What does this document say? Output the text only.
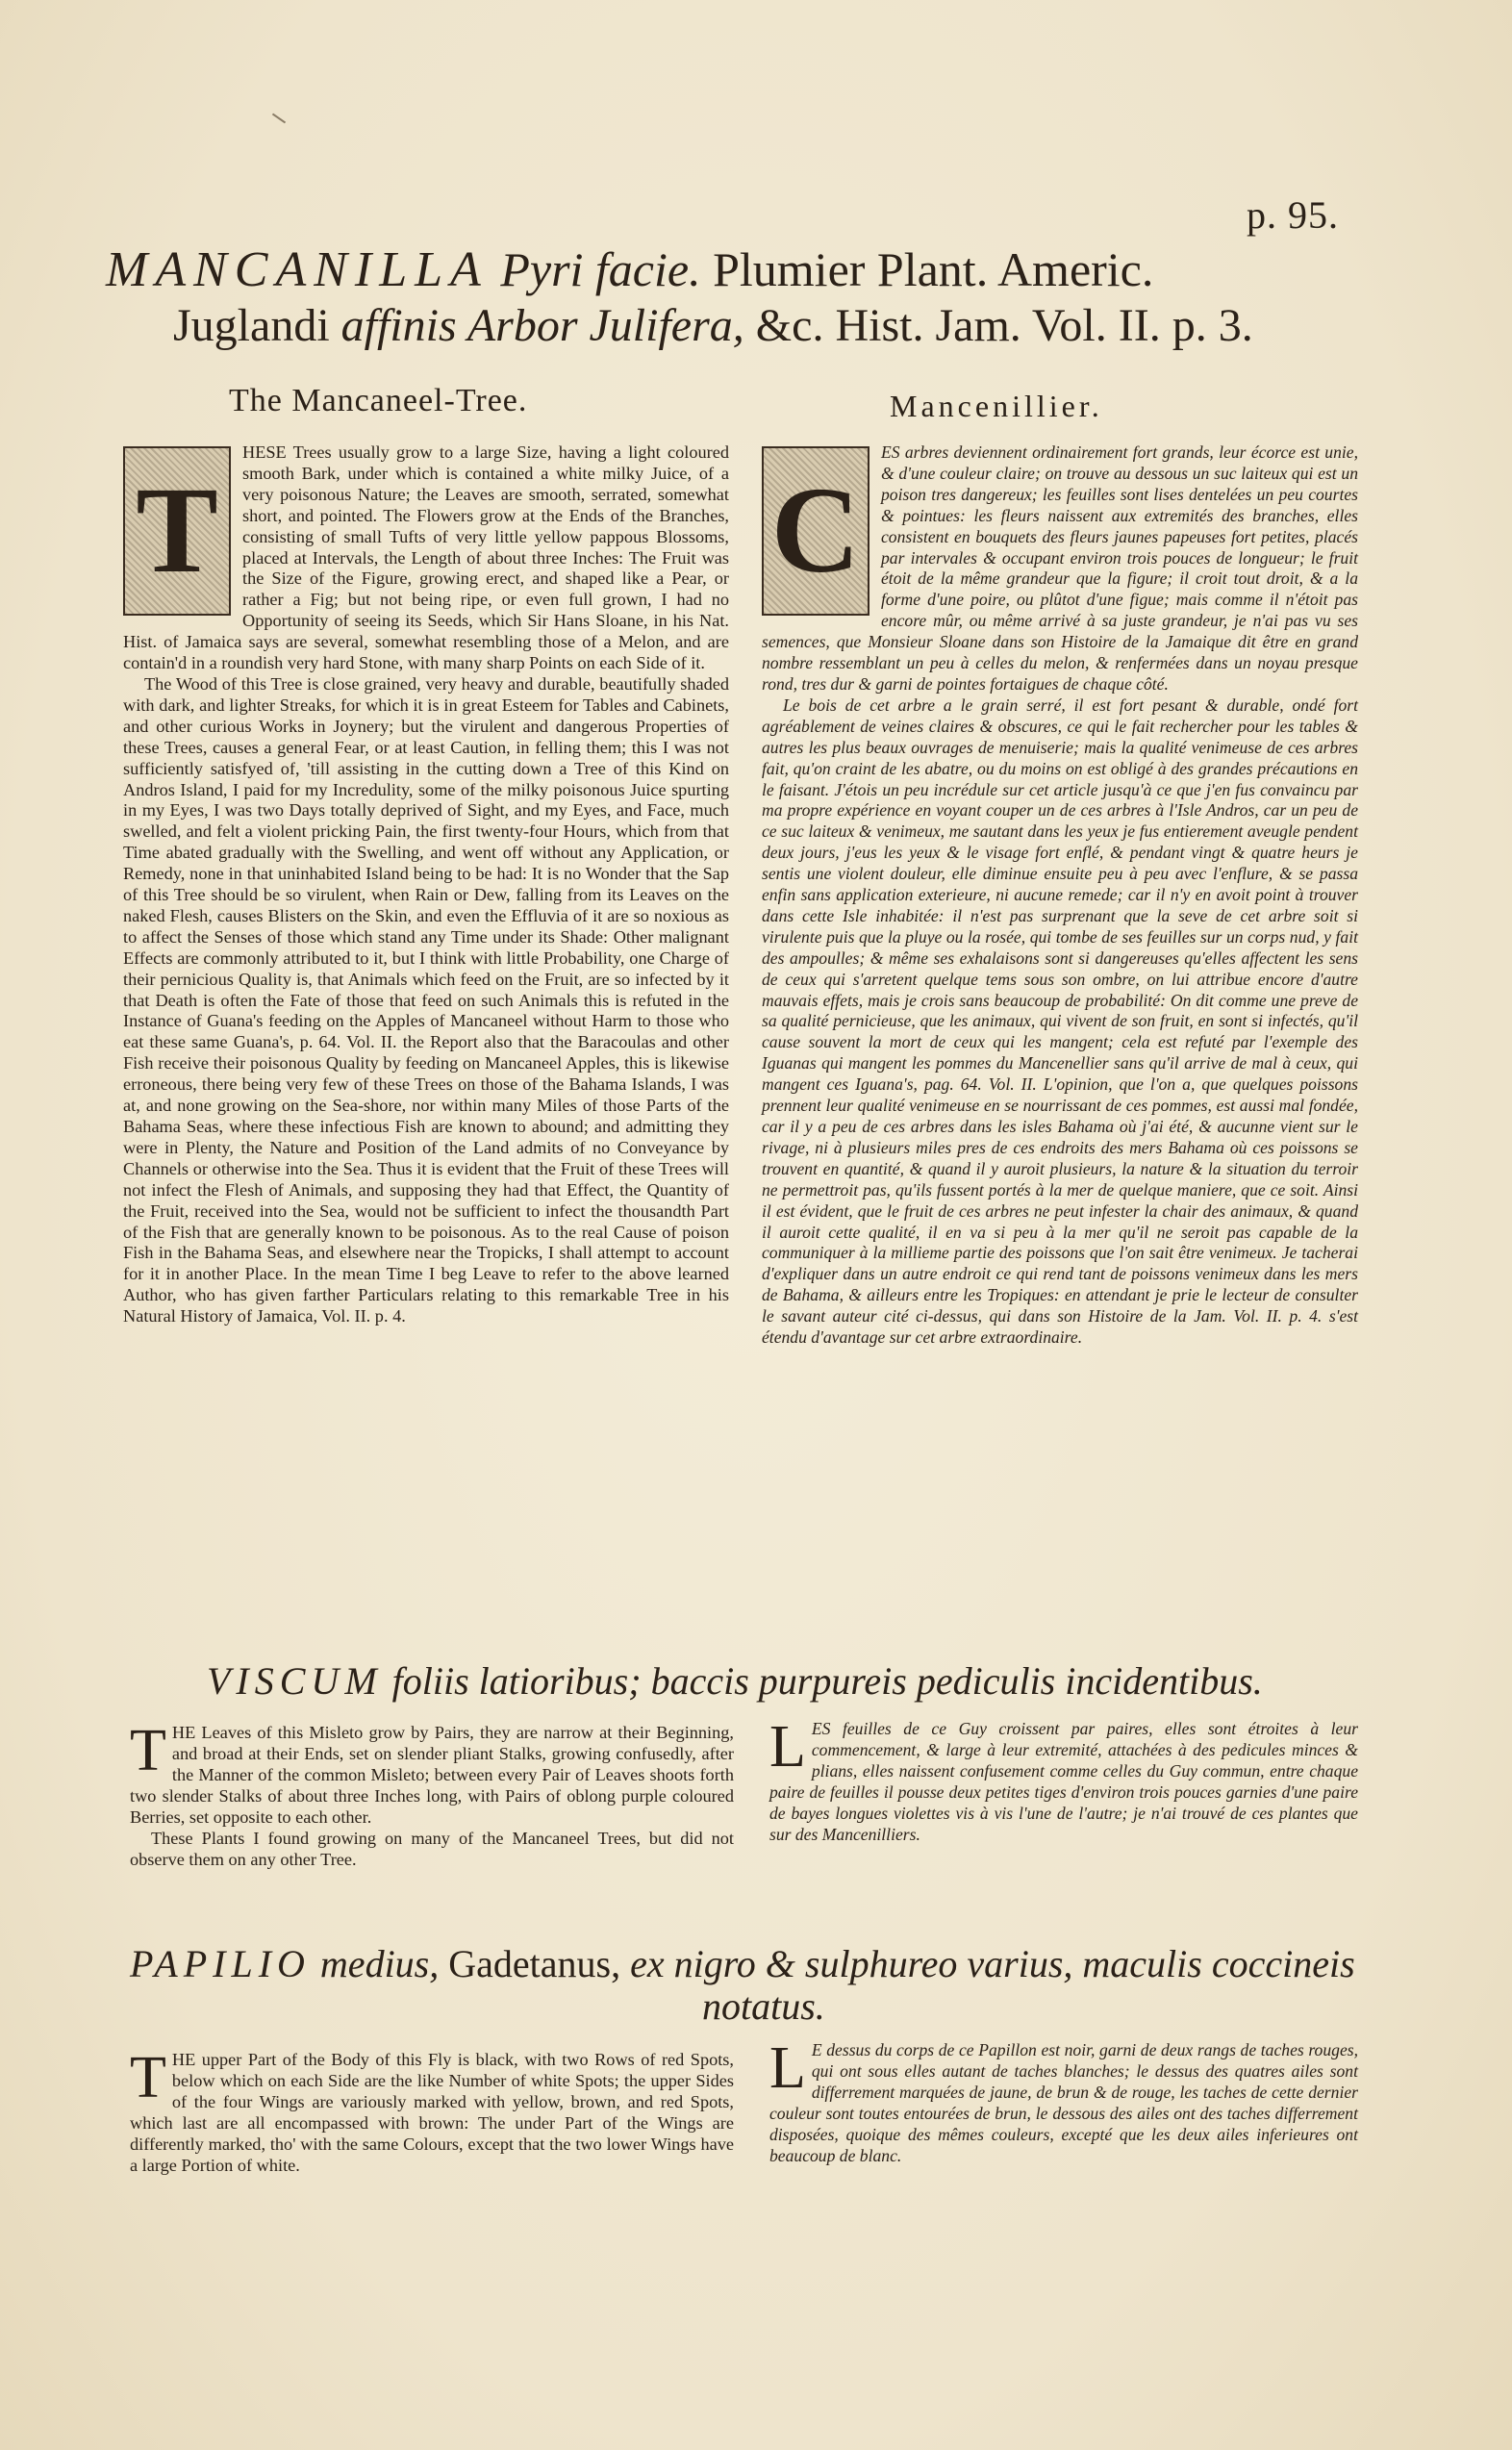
p. 95.
MANCANILLA Pyri facie. Plumier Plant. Americ.
Juglandi affinis Arbor Julifera, &c. Hist. Jam. Vol. II. p. 3.
The Mancaneel-Tree.	Mancenillier.
T

HESE Trees usually grow to a large Size, having a light coloured smooth Bark, under which is contained a white milky Juice, of a very poisonous Nature; the Leaves are smooth, serrated, somewhat short, and pointed. The Flowers grow at the Ends of the Branches, consisting of small Tufts of very little yellow pappous Blossoms, placed at Intervals, the Length of about three Inches: The Fruit was the Size of the Figure, growing erect, and shaped like a Pear, or rather a Fig; but not being ripe, or even full grown, I had no Opportunity of seeing its Seeds, which Sir Hans Sloane, in his Nat. Hist. of Jamaica says are several, somewhat resembling those of a Melon, and are contain'd in a roundish very hard Stone, with many sharp Points on each Side of it.

The Wood of this Tree is close grained, very heavy and durable, beautifully shaded with dark, and lighter Streaks, for which it is in great Esteem for Tables and Cabinets, and other curious Works in Joynery; but the virulent and dangerous Properties of these Trees, causes a general Fear, or at least Caution, in felling them; this I was not sufficiently satisfyed of, 'till assisting in the cutting down a Tree of this Kind on Andros Island, I paid for my Incredulity, some of the milky poisonous Juice spurting in my Eyes, I was two Days totally deprived of Sight, and my Eyes, and Face, much swelled, and felt a violent pricking Pain, the first twenty-four Hours, which from that Time abated gradually with the Swelling, and went off without any Application, or Remedy, none in that uninhabited Island being to be had: It is no Wonder that the Sap of this Tree should be so virulent, when Rain or Dew, falling from its Leaves on the naked Flesh, causes Blisters on the Skin, and even the Effluvia of it are so noxious as to affect the Senses of those which stand any Time under its Shade: Other malignant Effects are commonly attributed to it, but I think with little Probability, one Charge of their pernicious Quality is, that Animals which feed on the Fruit, are so infected by it that Death is often the Fate of those that feed on such Animals this is refuted in the Instance of Guana's feeding on the Apples of Mancaneel without Harm to those who eat these same Guana's, p. 64. Vol. II. the Report also that the Baracoulas and other Fish receive their poisonous Quality by feeding on Mancaneel Apples, this is likewise erroneous, there being very few of these Trees on those of the Bahama Islands, I was at, and none growing on the Sea-shore, nor within many Miles of those Parts of the Bahama Seas, where these infectious Fish are known to abound; and admitting they were in Plenty, the Nature and Position of the Land admits of no Conveyance by Channels or otherwise into the Sea. Thus it is evident that the Fruit of these Trees will not infect the Flesh of Animals, and supposing they had that Effect, the Quantity of the Fruit, received into the Sea, would not be sufficient to infect the thousandth Part of the Fish that are generally known to be poisonous. As to the real Cause of poison Fish in the Bahama Seas, and elsewhere near the Tropicks, I shall attempt to account for it in another Place. In the mean Time I beg Leave to refer to the above learned Author, who has given farther Particulars relating to this remarkable Tree in his Natural History of Jamaica, Vol. II. p. 4.

C

ES arbres deviennent ordinairement fort grands, leur écorce est unie, & d'une couleur claire; on trouve au dessous un suc laiteux qui est un poison tres dangereux; les feuilles sont lises dentelées un peu courtes & pointues: les fleurs naissent aux extremités des branches, elles consistent en bouquets des fleurs jaunes papeuses fort petites, placés par intervales & occupant environ trois pouces de longueur; le fruit étoit de la même grandeur que la figure; il croit tout droit, & a la forme d'une poire, ou plûtot d'une figue; mais comme il n'étoit pas encore mûr, ou même arrivé à sa juste grandeur, je n'ai pas vu ses semences, que Monsieur Sloane dans son Histoire de la Jamaique dit être en grand nombre ressemblant un peu à celles du melon, & renfermées dans un noyau presque rond, tres dur & garni de pointes fortaigues de chaque côté.

Le bois de cet arbre a le grain serré, il est fort pesant & durable, ondé fort agréablement de veines claires & obscures, ce qui le fait rechercher pour les tables & autres les plus beaux ouvrages de menuiserie; mais la qualité venimeuse de ces arbres fait, qu'on craint de les abatre, ou du moins on est obligé à des grandes précautions en le faisant. J'étois un peu incrédule sur cet article jusqu'à ce que j'en fus convaincu par ma propre expérience en voyant couper un de ces arbres à l'Isle Andros, car un peu de ce suc laiteux & venimeux, me sautant dans les yeux je fus entierement aveugle pendent deux jours, j'eus les yeux & le visage fort enflé, & pendant vingt & quatre heurs je sentis une violent douleur, elle diminue ensuite peu à peu avec l'enflure, & se passa enfin sans application exterieure, ni aucune remede; car il n'y en avoit point à trouver dans cette Isle inhabitée: il n'est pas surprenant que la seve de cet arbre soit si virulente puis que la pluye ou la rosée, qui tombe de ses feuilles sur un corps nud, y fait des ampoulles; & même ses exhalaisons sont si dangereuses qu'elles affectent les sens de ceux qui s'arretent quelque tems sous son ombre, on lui attribue encore d'autre mauvais effets, mais je crois sans beaucoup de probabilité: On dit comme une preve de sa qualité pernicieuse, que les animaux, qui vivent de son fruit, en sont si infectés, qu'il cause souvent la mort de ceux qui les mangent; cela est refuté par l'exemple des Iguanas qui mangent les pommes du Mancenellier sans qu'il arrive de mal à ceux, qui mangent ces Iguana's, pag. 64. Vol. II. L'opinion, que l'on a, que quelques poissons prennent leur qualité venimeuse en se nourrissant de ces pommes, est aussi mal fondée, car il y a peu de ces arbres dans les isles Bahama où j'ai été, & aucunne vient sur le rivage, ni à plusieurs miles pres de ces endroits des mers Bahama où ces poissons se trouvent en quantité, & quand il y auroit plusieurs, la nature & la situation du terroir ne permettroit pas, qu'ils fussent portés à la mer de quelque maniere, que ce soit. Ainsi il est évident, que le fruit de ces arbres ne peut infester la chair des animaux, & quand il auroit cette qualité, il en va si peu à la mer qu'il ne seroit pas capable de la communiquer à la millieme partie des poissons que l'on sait être venimeux. Je tacherai d'expliquer dans un autre endroit ce qui rend tant de poissons venimeux dans les mers de Bahama, & ailleurs entre les Tropiques: en attendant je prie le lecteur de consulter le savant auteur cité ci-dessus, qui dans son Histoire de la Jam. Vol. II. p. 4. s'est étendu d'avantage sur cet arbre extraordinaire.

VISCUM foliis latioribus; baccis purpureis pediculis incidentibus.
T HE Leaves of this Misleto grow by Pairs, they are narrow at their Beginning, and broad at their Ends, set on slender pliant Stalks, growing confusedly, after the Manner of the common Misleto; between every Pair of Leaves shoots forth two slender Stalks of about three Inches long, with Pairs of oblong purple coloured Berries, set opposite to each other.

These Plants I found growing on many of the Mancaneel Trees, but did not observe them on any other Tree.

L ES feuilles de ce Guy croissent par paires, elles sont étroites à leur commencement, & large à leur extremité, attachées à des pedicules minces & plians, elles naissent confusement comme celles du Guy commun, entre chaque paire de feuilles il pousse deux petites tiges d'environ trois pouces garnies d'une paire de bayes longues violettes vis à vis l'une de l'autre; je n'ai trouvé de ces plantes que sur des Mancenilliers.

PAPILIO medius, Gadetanus, ex nigro & sulphureo varius, maculis coccineis
notatus.
T HE upper Part of the Body of this Fly is black, with two Rows of red Spots, below which on each Side are the like Number of white Spots; the upper Sides of the four Wings are variously marked with yellow, brown, and red Spots, which last are all encompassed with brown: The under Part of the Wings are differently marked, tho' with the same Colours, except that the two lower Wings have a large Portion of white.

L E dessus du corps de ce Papillon est noir, garni de deux rangs de taches rouges, qui ont sous elles autant de taches blanches; le dessus des quatres ailes sont differrement marquées de jaune, de brun & de rouge, les taches de cette dernier couleur sont toutes entourées de brun, le dessous des ailes ont des taches differrement disposées, quoique des mêmes couleurs, excepté que les deux ailes inferieures ont beaucoup de blanc.
